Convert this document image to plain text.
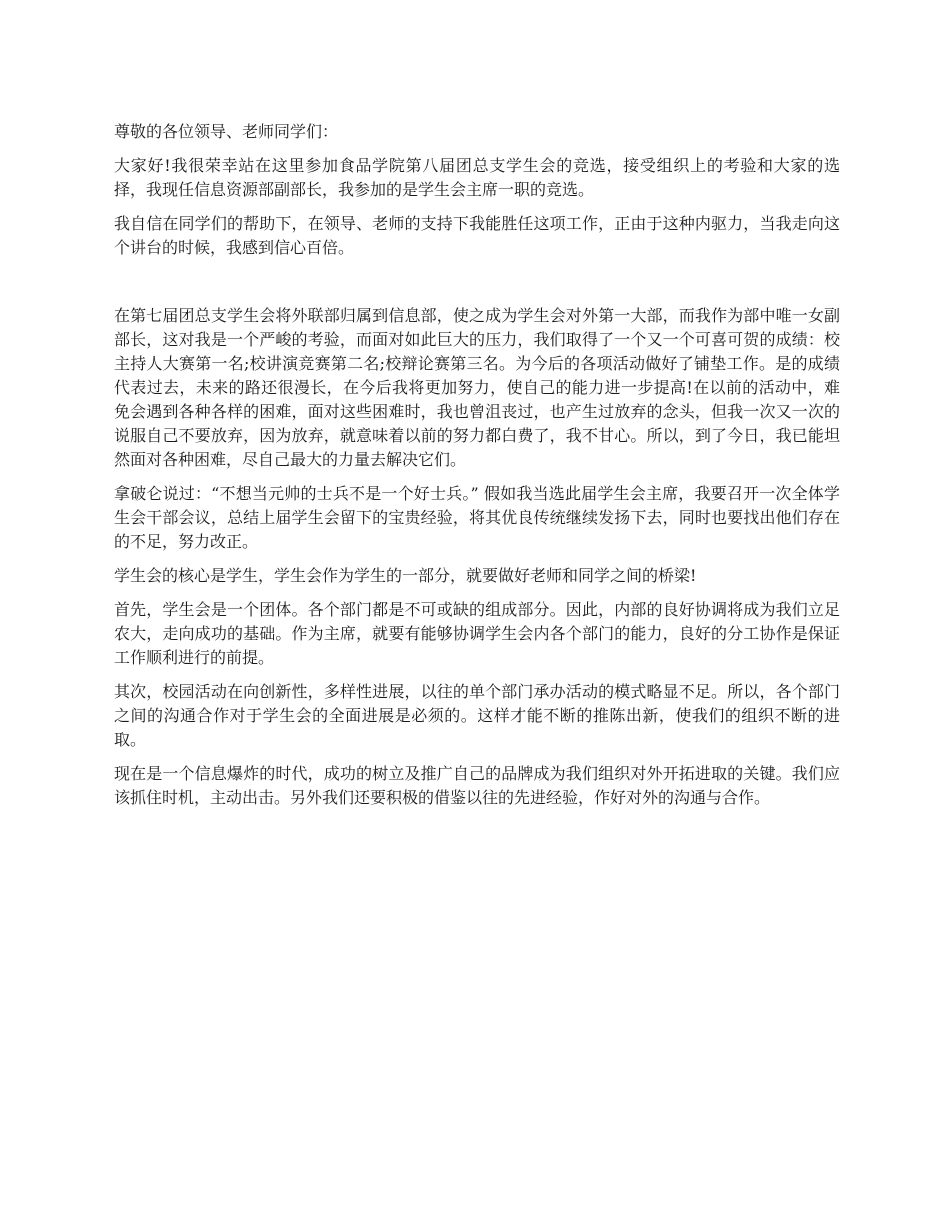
尊敬的各位领导、老师同学们：

大家好!我很荣幸站在这里参加食品学院第八届团总支学生会的竞选，接受组织上的考验和大家的选择，我现任信息资源部副部长，我参加的是学生会主席一职的竞选。

我自信在同学们的帮助下，在领导、老师的支持下我能胜任这项工作，正由于这种内驱力，当我走向这个讲台的时候，我感到信心百倍。

在第七届团总支学生会将外联部归属到信息部，使之成为学生会对外第一大部，而我作为部中唯一女副部长，这对我是一个严峻的考验，而面对如此巨大的压力，我们取得了一个又一个可喜可贺的成绩：校主持人大赛第一名;校讲演竞赛第二名;校辩论赛第三名。为今后的各项活动做好了铺垫工作。是的成绩代表过去，未来的路还很漫长，在今后我将更加努力，使自己的能力进一步提高!在以前的活动中，难免会遇到各种各样的困难，面对这些困难时，我也曾沮丧过，也产生过放弃的念头，但我一次又一次的说服自己不要放弃，因为放弃，就意味着以前的努力都白费了，我不甘心。所以，到了今日，我已能坦然面对各种困难，尽自己最大的力量去解决它们。

拿破仑说过：“不想当元帅的士兵不是一个好士兵。” 假如我当选此届学生会主席，我要召开一次全体学生会干部会议，总结上届学生会留下的宝贵经验，将其优良传统继续发扬下去，同时也要找出他们存在的不足，努力改正。

学生会的核心是学生，学生会作为学生的一部分，就要做好老师和同学之间的桥梁!

首先，学生会是一个团体。各个部门都是不可或缺的组成部分。因此，内部的良好协调将成为我们立足农大，走向成功的基础。作为主席，就要有能够协调学生会内各个部门的能力，良好的分工协作是保证工作顺利进行的前提。

其次，校园活动在向创新性，多样性进展，以往的单个部门承办活动的模式略显不足。所以，各个部门之间的沟通合作对于学生会的全面进展是必须的。这样才能不断的推陈出新，使我们的组织不断的进取。

现在是一个信息爆炸的时代，成功的树立及推广自己的品牌成为我们组织对外开拓进取的关键。我们应该抓住时机，主动出击。另外我们还要积极的借鉴以往的先进经验，作好对外的沟通与合作。
